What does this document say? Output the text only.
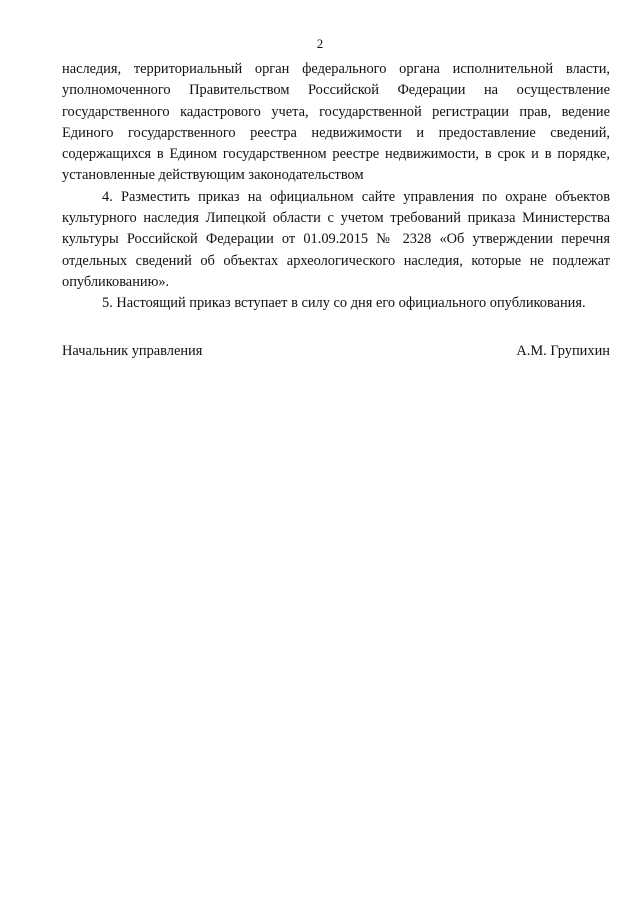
2

наследия, территориальный орган федерального органа исполнительной власти, уполномоченного Правительством Российской Федерации на осуществление государственного кадастрового учета, государственной регистрации прав, ведение Единого государственного реестра недвижимости и предоставление сведений, содержащихся в Едином государственном реестре недвижимости, в срок и в порядке, установленные действующим законодательством

4. Разместить приказ на официальном сайте управления по охране объектов культурного наследия Липецкой области с учетом требований приказа Министерства культуры Российской Федерации от 01.09.2015 № 2328 «Об утверждении перечня отдельных сведений об объектах археологического наследия, которые не подлежат опубликованию».

5. Настоящий приказ вступает в силу со дня его официального опубликования.

Начальник управления	А.М. Групихин
